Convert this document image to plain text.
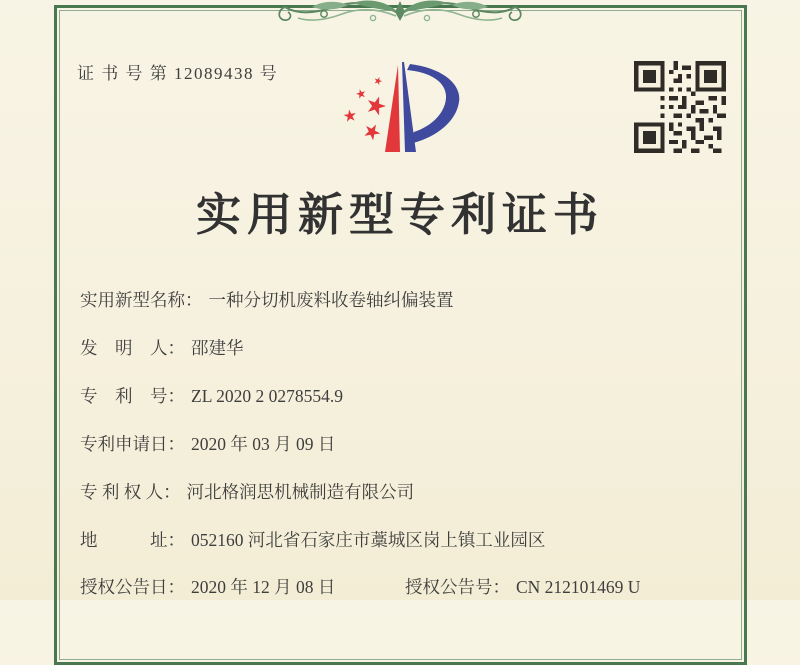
证 书 号 第 12089438 号
实用新型专利证书
实用新型名称： 一种分切机废料收卷轴纠偏装置
发　明　人： 邵建华
专　利　号： ZL 2020 2 0278554.9
专利申请日： 2020 年 03 月 09 日
专 利 权 人： 河北格润思机械制造有限公司
地　　　址： 052160 河北省石家庄市藁城区岗上镇工业园区
授权公告日： 2020 年 12 月 08 日	授权公告号： CN 212101469 U
